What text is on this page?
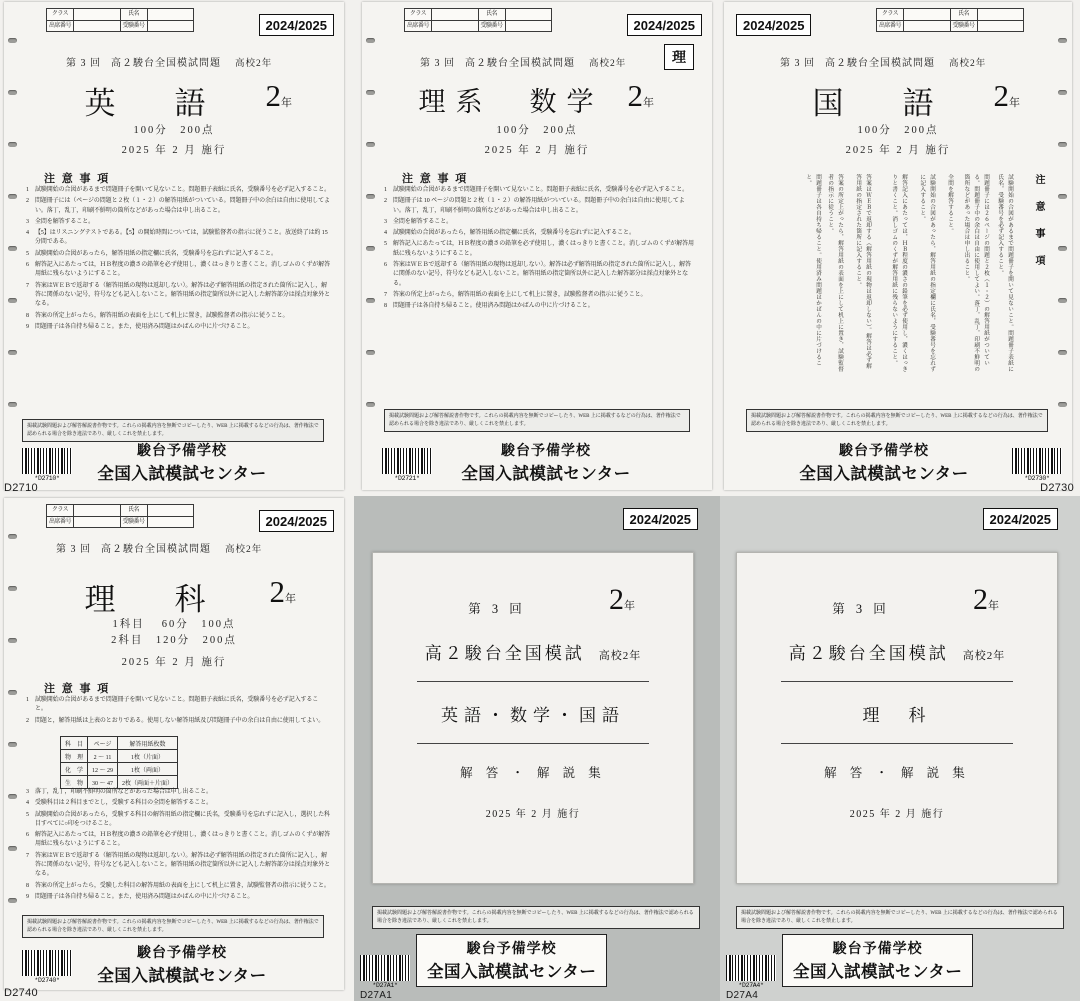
クラス	氏名
出席番号	受験番号	2024/2025
第 3 回 高２駿台全国模試問題 高校2年
英　語	2年
100分　200点
2025 年 2 月 施行
注 意 事 項
1 試験開始の合図があるまで問題冊子を開いて見ないこと。問題冊子表紙に氏名，受験番号を必ず記入すること。
2 問題冊子には（ページの問題と２枚（１・２）の解答用紙がついている。問題冊子中の余白は自由に使用してよい。落丁，乱丁，印刷不鮮明の箇所などがあった場合は申し出ること。
3 全問を解答すること。
4 【5】はリスニングテストである。【5】の開始時間については，試験監督者の指示に従うこと。放送終了は約 15 分間である。
5 試験開始の合図があったら，解答用紙の指定欄に氏名，受験番号を忘れずに記入すること。
6 解答記入にあたっては，ＨＢ程度の濃さの鉛筆を必ず使用し，濃くはっきりと書くこと。消しゴムのくずが解答用紙に残らないようにすること。
7 答案はＷＥＢで返却する（解答用紙の現物は返却しない）。解答は必ず解答用紙の指定された箇所に記入し，解答に関係のない記号，符号なども記入しないこと。解答用紙の指定箇所以外に記入した解答部分は採点対象外となる。
8 答案の所定上がったら，解答用紙の表面を上にして机上に置き，試験監督者の指示に従うこと。
9 問題冊子は各自持ち帰ること。また，使用済み問題はかばんの中に片づけること。
掲載試験問題および解答解説書作物です。これらの掲載内容を無断でコピーしたり、WEB 上に掲載するなどの行為は、著作権法で認められる場合を除き違法であり、厳しくこれを禁止します。
駿台予備学校
全国入試模試センター
*D2710*
D2710
クラス	氏名
出席番号	受験番号	2024/2025
理
第 3 回 高２駿台全国模試問題 高校2年
理系　数学 2年
100分　200点
2025 年 2 月 施行
注 意 事 項
1 試験開始の合図があるまで問題冊子を開いて見ないこと。問題冊子表紙に氏名，受験番号を必ず記入すること。
2 問題冊子は 10 ページの問題と２枚（１・２）の解答用紙がついている。問題冊子中の余白は自由に使用してよい。落丁，乱丁，印刷不鮮明の箇所などがあった場合は申し出ること。
3 全問を解答すること。
4 試験開始の合図があったら，解答用紙の指定欄に氏名，受験番号を忘れずに記入すること。
5 解答記入にあたっては，ＨＢ程度の濃さの鉛筆を必ず使用し，濃くはっきりと書くこと。消しゴムのくずが解答用紙に残らないようにすること。
6 答案はＷＥＢで返却する（解答用紙の現物は返却しない）。解答は必ず解答用紙の指定された箇所に記入し，解答に関係のない記号，符号なども記入しないこと。解答用紙の指定箇所以外に記入した解答部分は採点対象外となる。
7 答案の所定上がったら，解答用紙の表面を上にして机上に置き，試験監督者の指示に従うこと。
8 問題冊子は各自持ち帰ること。使用済み問題はかばんの中に片づけること。
掲載試験問題および解答解説書作物です。これらの掲載内容を無断でコピーしたり、WEB 上に掲載するなどの行為は、著作権法で認められる場合を除き違法であり、厳しくこれを禁止します。
駿台予備学校
全国入試模試センター
*D2721*
クラス	氏名
出席番号	受験番号
2024/2025
第 3 回 高２駿台全国模試問題 高校2年
国　語	2年
100分　200点
2025 年 2 月 施行
注 意 事 項
試験開始の合図があるまで問題冊子を開いて見ないこと。問題冊子表紙に氏名，受験番号を必ず記入すること。
問題冊子には２６ページの問題と２枚（１・２）の解答用紙がついている。問題冊子中の余白は自由に使用してよい。落丁，乱丁，印刷不鮮明の箇所などがあった場合は申し出ること。
全問を解答すること。
試験開始の合図があったら，解答用紙の指定欄に氏名，受験番号を忘れずに記入すること。
解答記入にあたっては，ＨＢ程度の濃さの鉛筆を必ず使用し，濃くはっきりと書くこと。消しゴムのくずが解答用紙に残らないようにすること。
答案はＷＥＢで返却する（解答用紙の現物は返却しない）。解答は必ず解答用紙の指定された箇所に記入すること。
答案の所定上がったら，解答用紙の表面を上にして机上に置き，試験監督者の指示に従うこと。
問題冊子は各自持ち帰ること。使用済み問題はかばんの中に片づけること。
掲載試験問題および解答解説書作物です。これらの掲載内容を無断でコピーしたり、WEB 上に掲載するなどの行為は、著作権法で認められる場合を除き違法であり、厳しくこれを禁止します。
駿台予備学校
全国入試模試センター	*D2730*
D2730
クラス	氏名
出席番号	受験番号	2024/2025
第 3 回 高２駿台全国模試問題 高校2年
理　科	2年
1科目　 60分　100点
2科目　120分　200点
2025 年 2 月 施行
注 意 事 項
1 試験開始の合図があるまで問題冊子を開いて見ないこと。問題冊子表紙に氏名，受験番号を必ず記入すること。
2 問題と，解答用紙は上表のとおりである。使用しない解答用紙及び問題冊子中の余白は自由に使用してよい。
科　目	ページ	解答用紙枚数
物　理	2 〜 11	1枚（片面）
化　学	12 〜 29	1枚（両面）
生　物	30 〜 47	2枚（両面＋片面）
3 落丁，乱丁，印刷不鮮明の箇所などがあった場合は申し出ること。
4 受験科目は２科目までとし，受験する科目の全問を解答すること。
5 試験開始の合図があったら，受験する科目の解答用紙の指定欄に氏名，受験番号を忘れずに記入し，選択した科目すべてに○印をつけること。
6 解答記入にあたっては，ＨＢ程度の濃さの鉛筆を必ず使用し，濃くはっきりと書くこと。消しゴムのくずが解答用紙に残らないようにすること。
7 答案はＷＥＢで返却する（解答用紙の現物は返却しない）。解答は必ず解答用紙の指定された箇所に記入し，解答に関係のない記号，符号なども記入しないこと。解答用紙の指定箇所以外に記入した解答部分は採点対象外となる。
8 答案の所定上がったら，受験した科目の解答用紙の表面を上にして机上に置き，試験監督者の指示に従うこと。
9 問題冊子は各自持ち帰ること。また，使用済み問題はかばんの中に片づけること。
掲載試験問題および解答解説書作物です。これらの掲載内容を無断でコピーしたり、WEB 上に掲載するなどの行為は、著作権法で認められる場合を除き違法であり、厳しくこれを禁止します。
駿台予備学校
全国入試模試センター
*D2740*
D2740
2024/2025
第 3 回	2年
高２駿台全国模試 高校2年
英語・数学・国語
解 答 ・ 解 説 集
2025 年 2 月 施行
掲載試験問題および解答解説書作物です。これらの掲載内容を無断でコピーしたり、WEB 上に掲載するなどの行為は、著作権法で認められる場合を除き違法であり、厳しくこれを禁止します。
駿台予備学校
全国入試模試センター
*D27A1*
D27A1
2024/2025
第 3 回	2年
高２駿台全国模試 高校2年
理　科
解 答 ・ 解 説 集
2025 年 2 月 施行
掲載試験問題および解答解説書作物です。これらの掲載内容を無断でコピーしたり、WEB 上に掲載するなどの行為は、著作権法で認められる場合を除き違法であり、厳しくこれを禁止します。
駿台予備学校
全国入試模試センター
*D27A4*
D27A4
